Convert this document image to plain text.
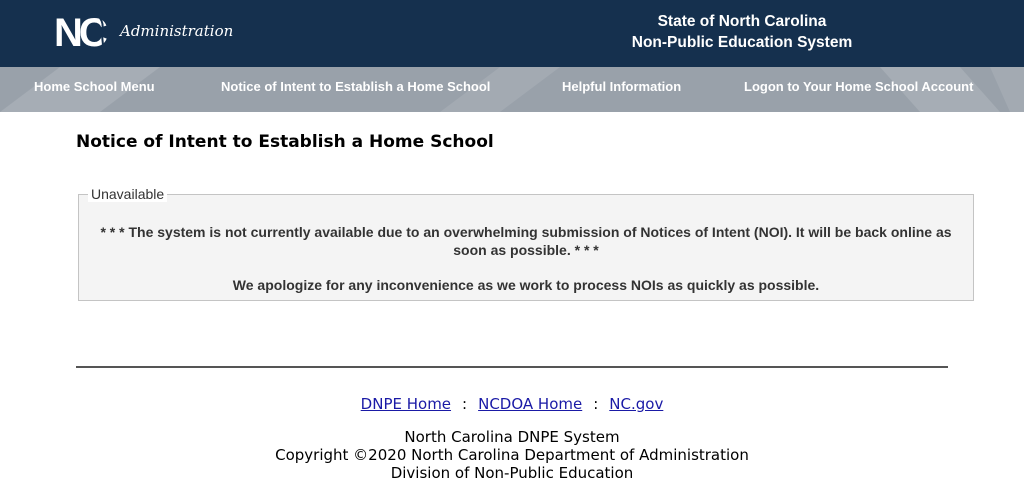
NC Administration
State of North Carolina
Non-Public Education System
Home School Menu	Notice of Intent to Establish a Home School	Helpful Information	Logon to Your Home School Account
Notice of Intent to Establish a Home School
Unavailable
* * * The system is not currently available due to an overwhelming submission of Notices of Intent (NOI). It will be back online as soon as possible. * * *
We apologize for any inconvenience as we work to process NOIs as quickly as possible.
DNPE Home : NCDOA Home : NC.gov
North Carolina DNPE System
Copyright ©2020 North Carolina Department of Administration
Division of Non-Public Education
